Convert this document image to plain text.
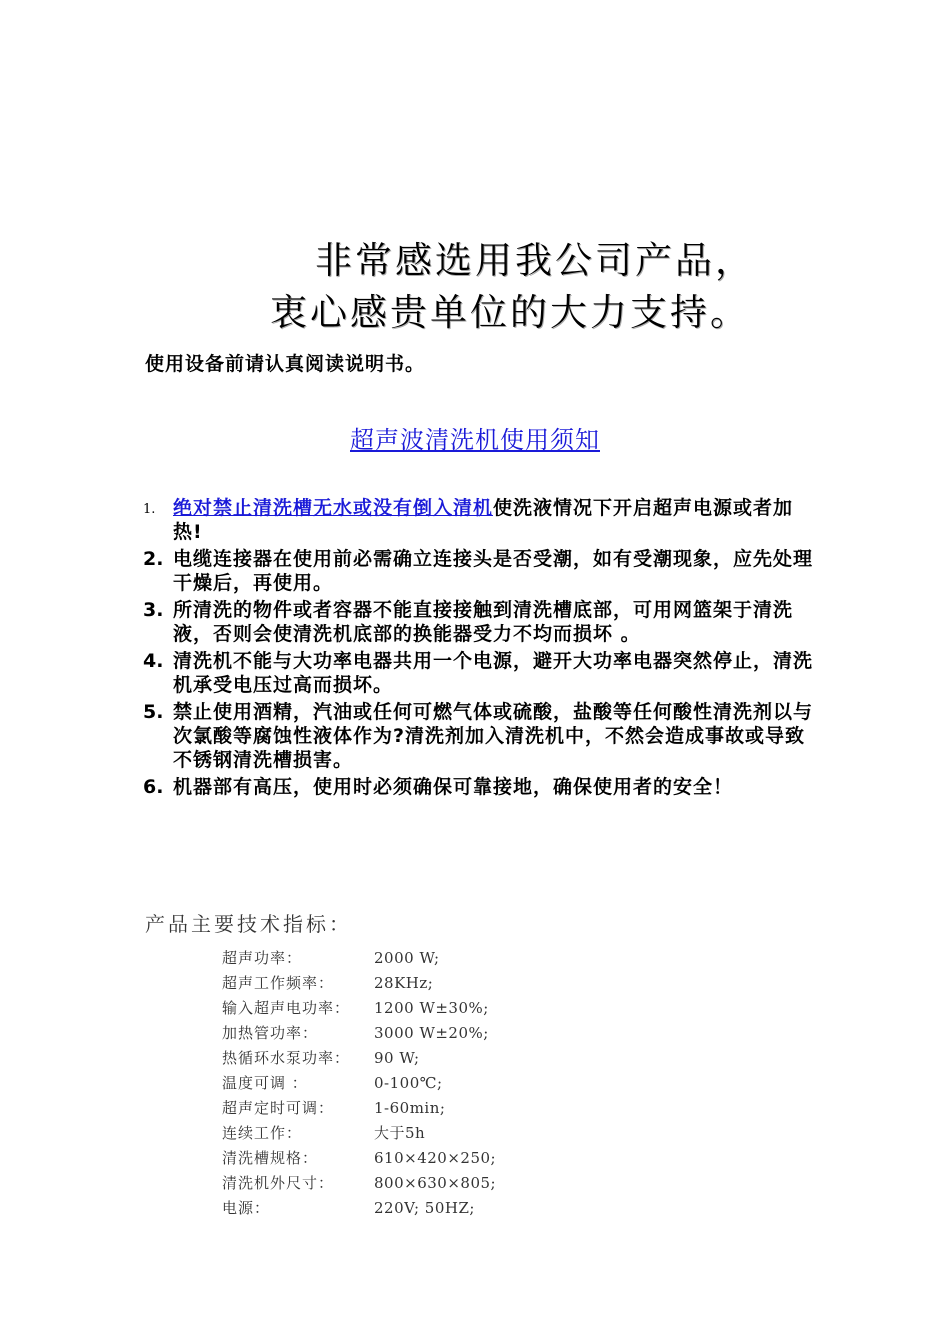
非常感选用我公司产品，
衷心感贵单位的大力支持。
使用设备前请认真阅读说明书。
超声波清洗机使用须知
1. 绝对禁止清洗槽无水或没有倒入清机使洗液情况下开启超声电源或者加热!
2. 电缆连接器在使用前必需确立连接头是否受潮，如有受潮现象，应先处理干燥后，再使用。
3. 所清洗的物件或者容器不能直接接触到清洗槽底部，可用网篮架于清洗液，否则会使清洗机底部的换能器受力不均而损坏 。
4. 清洗机不能与大功率电器共用一个电源，避开大功率电器突然停止，清洗机承受电压过高而损坏。
5. 禁止使用酒精，汽油或任何可燃气体或硫酸，盐酸等任何酸性清洗剂以与次氯酸等腐蚀性液体作为?清洗剂加入清洗机中，不然会造成事故或导致不锈钢清洗槽损害。
6. 机器部有高压，使用时必须确保可靠接地，确保使用者的安全！
产品主要技术指标：
超声功率：	2000 W;
超声工作频率：	28KHz;
输入超声电功率：	1200 W±30%;
加热管功率：	3000 W±20%;
热循环水泵功率：	90 W;
温度可调 ：	0-100℃;
超声定时可调：	1-60min;
连续工作：	大于5h
清洗槽规格：	610×420×250;
清洗机外尺寸：	800×630×805;
电源：	220V; 50HZ;
